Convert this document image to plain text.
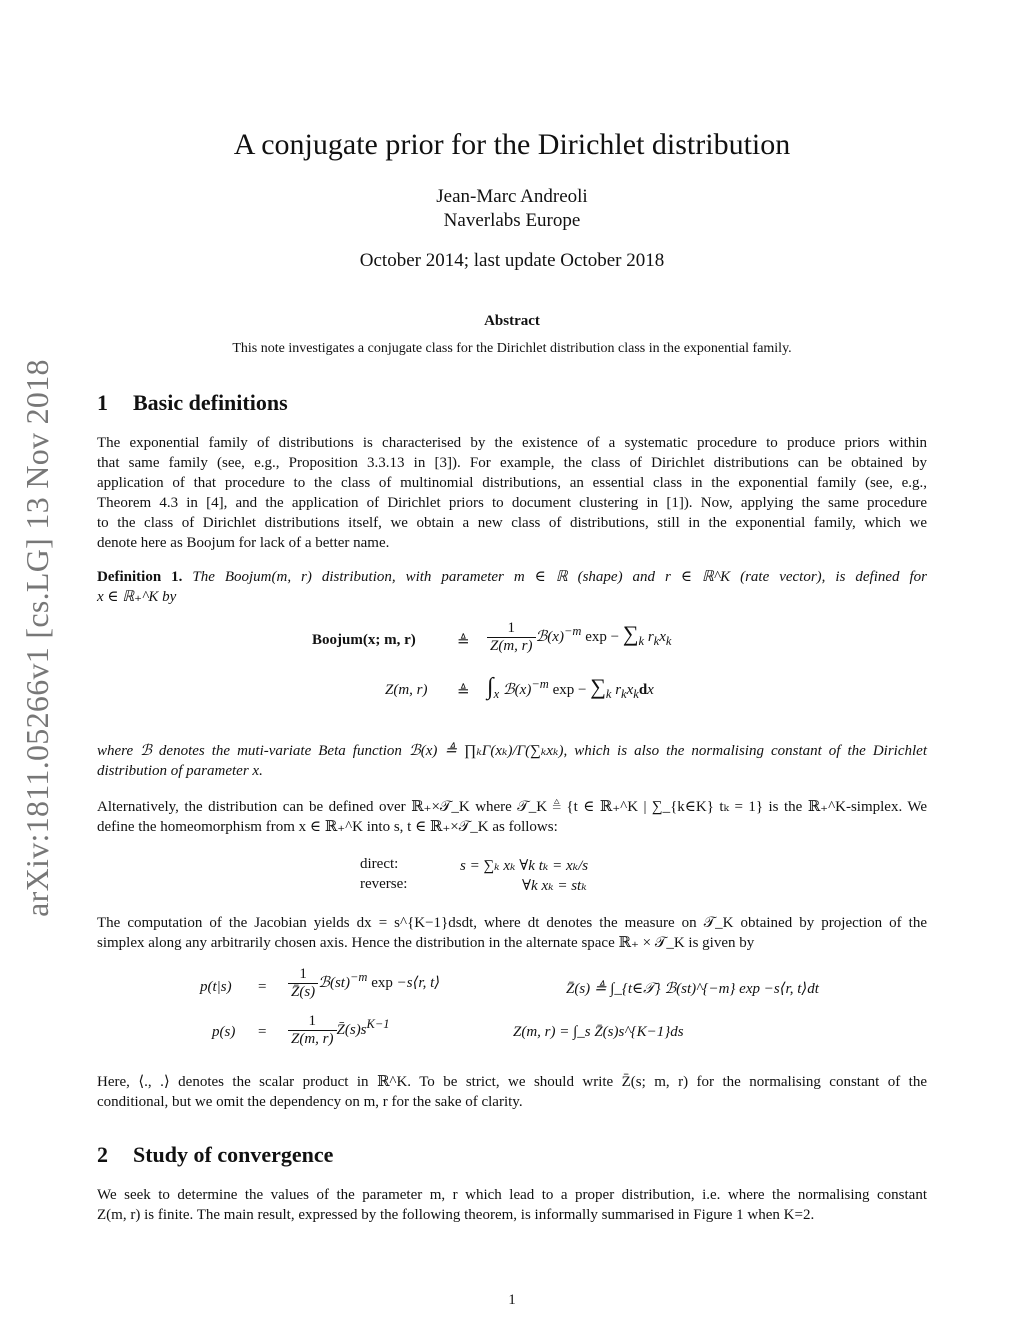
arXiv:1811.05266v1 [cs.LG] 13 Nov 2018
A conjugate prior for the Dirichlet distribution
Jean-Marc Andreoli
Naverlabs Europe
October 2014; last update October 2018
Abstract
This note investigates a conjugate class for the Dirichlet distribution class in the exponential family.
1 Basic definitions
The exponential family of distributions is characterised by the existence of a systematic procedure to produce priors within
that same family (see, e.g., Proposition 3.3.13 in [3]). For example, the class of Dirichlet distributions can be obtained by
application of that procedure to the class of multinomial distributions, an essential class in the exponential family (see, e.g.,
Theorem 4.3 in [4], and the application of Dirichlet priors to document clustering in [1]). Now, applying the same procedure
to the class of Dirichlet distributions itself, we obtain a new class of distributions, still in the exponential family, which we
denote here as Boojum for lack of a better name.
Definition 1. The Boojum(m, r) distribution, with parameter m ∈ ℝ (shape) and r ∈ ℝ^K (rate vector), is defined for
x ∈ ℝ₊^K by
Boojum(x; m, r)	≜ $\frac{1}{Z(m, r)}$ $ℬ(x)^{-m}$ $\exp - \sum_k$ $r_kx_k$
Z(m, r) ≜ $\int_x$ $ℬ(x)^{-m}$ $\exp - \sum_k$ $r_kx_kdx$
where ℬ denotes the muti-variate Beta function ℬ(x) ≜ ∏ₖΓ(xₖ)/Γ(∑ₖxₖ), which is also the normalising constant of the Dirichlet
distribution of parameter x.
Alternatively, the distribution can be defined over ℝ₊×𝒯_K where 𝒯_K ≜ {t ∈ ℝ₊^K | ∑_{k∈K} tₖ = 1} is the ℝ₊^K-simplex. We
define the homeomorphism from x ∈ ℝ₊^K into s, t ∈ ℝ₊×𝒯_K as follows:
direct:	s = ∑ₖ xₖ ∀k tₖ = xₖ/s
reverse:	∀k xₖ = stₖ
The computation of the Jacobian yields dx = s^{K−1}dsdt, where dt denotes the measure on 𝒯_K obtained by projection of the
simplex along any arbitrarily chosen axis. Hence the distribution in the alternate space ℝ₊ × 𝒯_K is given by
$p(t|s) = \frac{1}{Z̄(s)}$ ℬ(st)$^{-m}$ exp −s⟨r, t⟩	Z̄(s) ≜ ∫_{t∈𝒯} ℬ(st)^{−m} exp −s⟨r, t⟩dt
$p(s) = \frac{1}{Z(m, r)}$ $Z̄(s)s^{K-1}$
Z(m, r) = ∫_s Z̄(s)s^{K−1}ds
Here, ⟨., .⟩ denotes the scalar product in ℝ^K. To be strict, we should write Z̄(s; m, r) for the normalising constant of the
conditional, but we omit the dependency on m, r for the sake of clarity.
2 Study of convergence
We seek to determine the values of the parameter m, r which lead to a proper distribution, i.e. where the normalising constant
Z(m, r) is finite. The main result, expressed by the following theorem, is informally summarised in Figure 1 when K=2.
1
